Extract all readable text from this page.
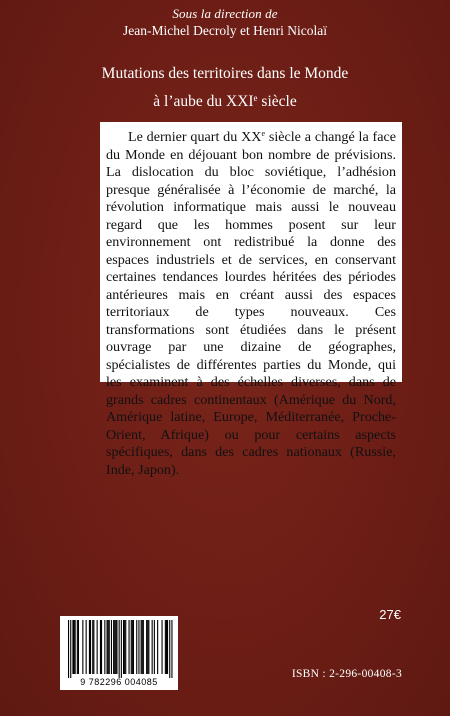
Sous la direction de
Jean-Michel Decroly et Henri Nicolaï
Mutations des territoires dans le Monde
à l’aube du XXIe siècle

Le dernier quart du XXe siècle a changé la face du Monde en déjouant bon nombre de prévisions. La dislocation du bloc soviétique, l’adhésion presque généralisée à l’économie de marché, la révolution informatique mais aussi le nouveau regard que les hommes posent sur leur environnement ont redistribué la donne des espaces industriels et de services, en conservant certaines tendances lourdes héritées des périodes antérieures mais en créant aussi des espaces territoriaux de types nouveaux. Ces transformations sont étudiées dans le présent ouvrage par une dizaine de géographes, spécialistes de différentes parties du Monde, qui les examinent à des échelles diverses, dans de grands cadres continentaux (Amérique du Nord, Amérique latine, Europe, Méditerranée, Proche-Orient, Afrique) ou pour certains aspects spécifiques, dans des cadres nationaux (Russie, Inde, Japon).

27€
9 782296 004085
ISBN : 2-296-00408-3
